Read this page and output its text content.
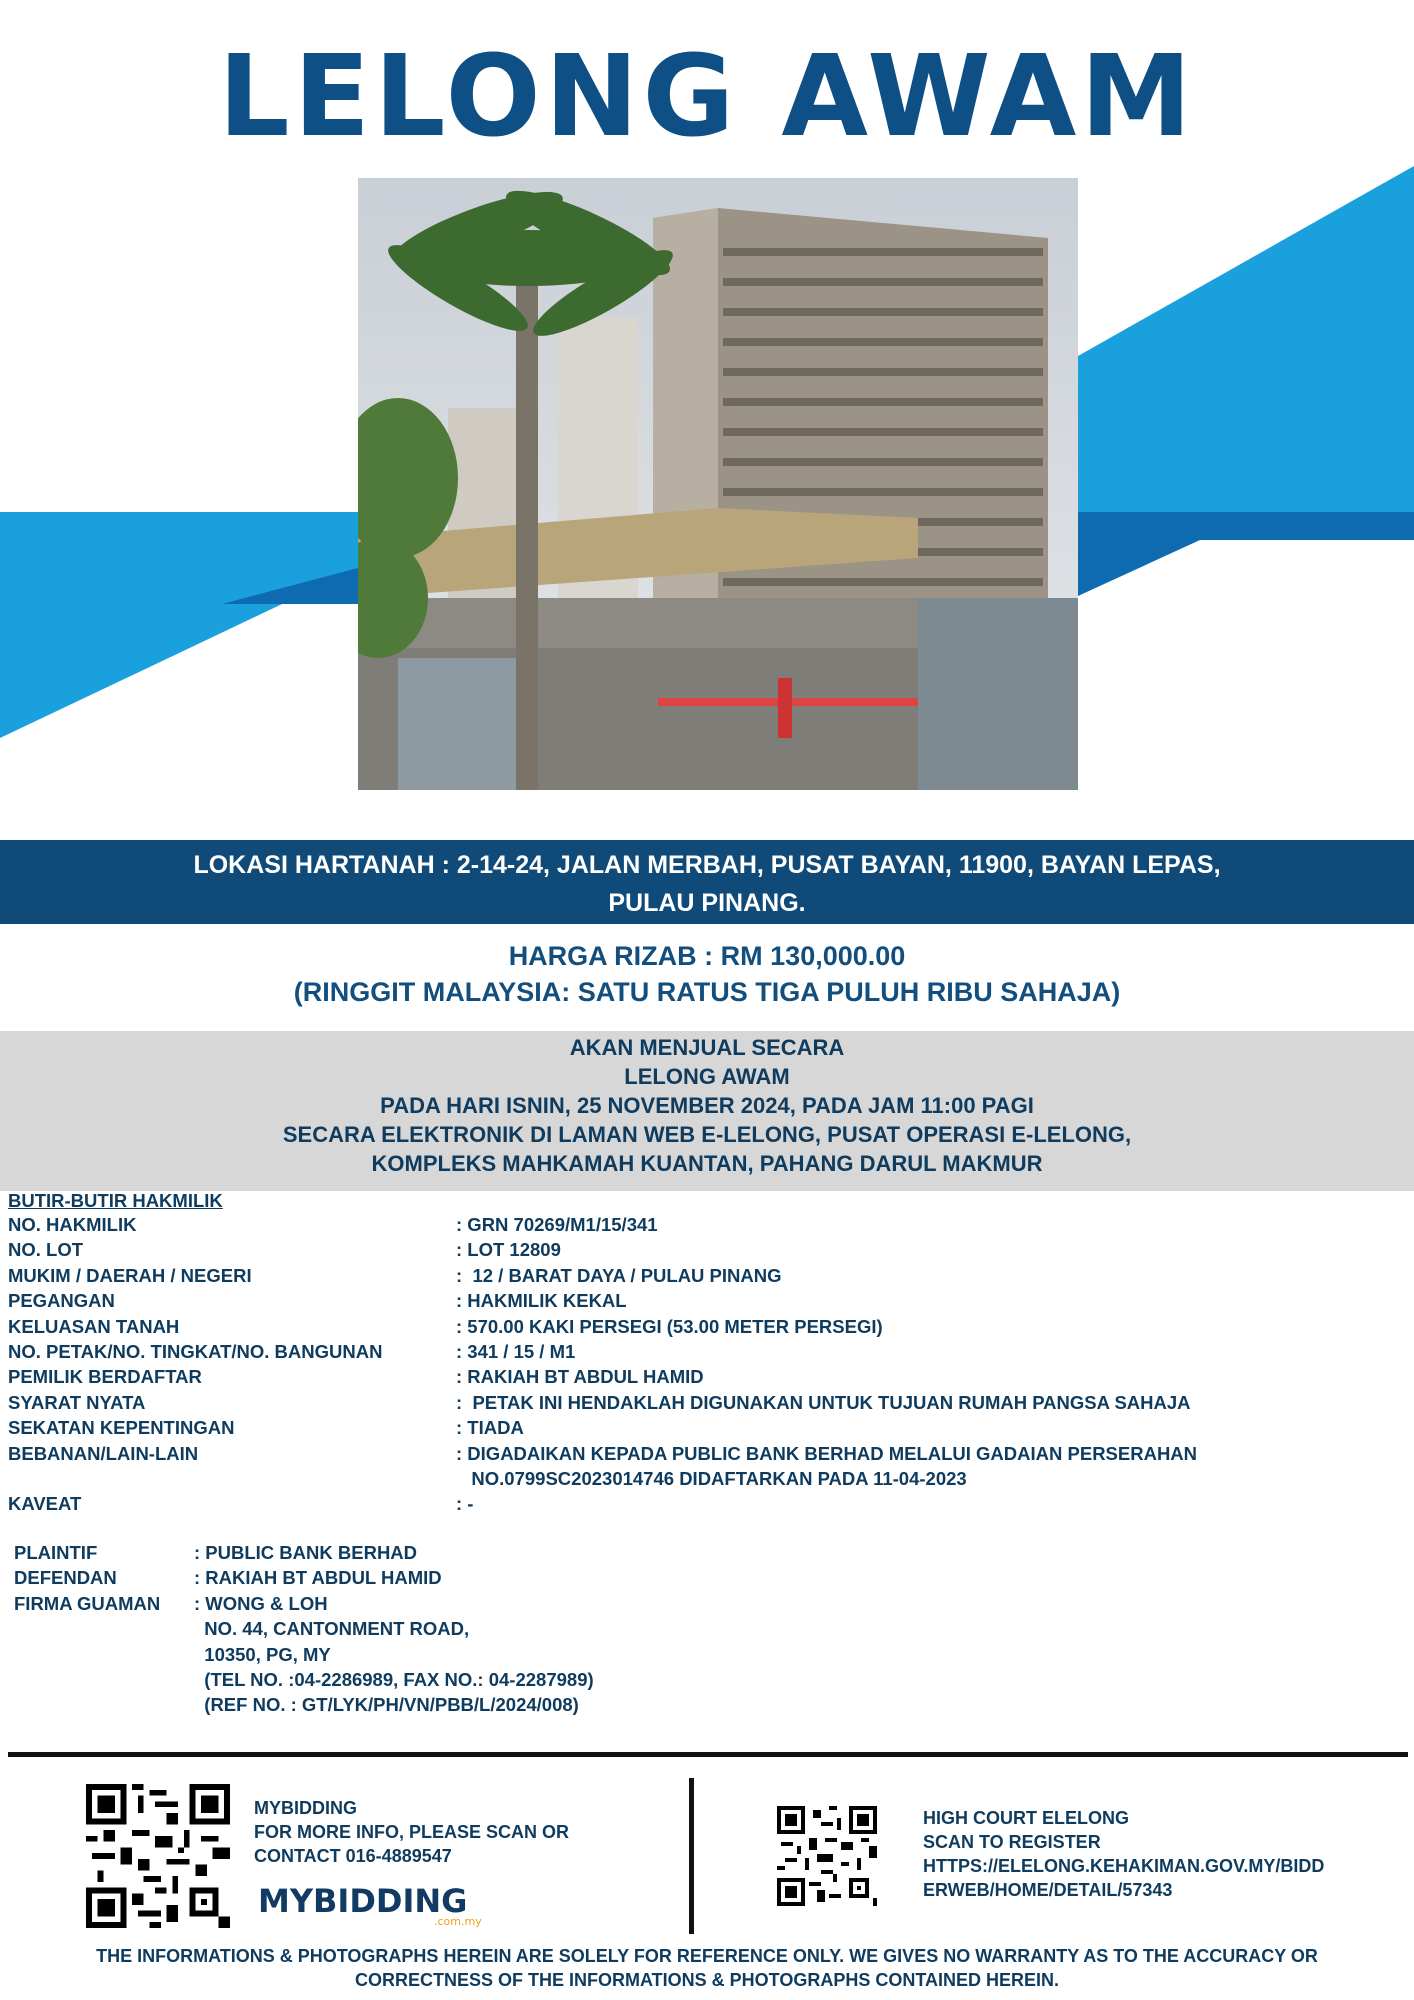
LELONG AWAM
LOKASI HARTANAH : 2-14-24, JALAN MERBAH, PUSAT BAYAN, 11900, BAYAN LEPAS,
PULAU PINANG.
HARGA RIZAB : RM 130,000.00
(RINGGIT MALAYSIA: SATU RATUS TIGA PULUH RIBU SAHAJA)
AKAN MENJUAL SECARA
LELONG AWAM
PADA HARI ISNIN, 25 NOVEMBER 2024, PADA JAM 11:00 PAGI
SECARA ELEKTRONIK DI LAMAN WEB E-LELONG, PUSAT OPERASI E-LELONG,
KOMPLEKS MAHKAMAH KUANTAN, PAHANG DARUL MAKMUR
BUTIR-BUTIR HAKMILIK
NO. HAKMILIK	: GRN 70269/M1/15/341
NO. LOT	: LOT 12809
MUKIM / DAERAH / NEGERI	:  12 / BARAT DAYA / PULAU PINANG
PEGANGAN	: HAKMILIK KEKAL
KELUASAN TANAH	: 570.00 KAKI PERSEGI (53.00 METER PERSEGI)
NO. PETAK/NO. TINGKAT/NO. BANGUNAN	: 341 / 15 / M1
PEMILIK BERDAFTAR	: RAKIAH BT ABDUL HAMID
SYARAT NYATA	:  PETAK INI HENDAKLAH DIGUNAKAN UNTUK TUJUAN RUMAH PANGSA SAHAJA
SEKATAN KEPENTINGAN	: TIADA
BEBANAN/LAIN-LAIN	: DIGADAIKAN KEPADA PUBLIC BANK BERHAD MELALUI GADAIAN PERSERAHAN
NO.0799SC2023014746 DIDAFTARKAN PADA 11-04-2023
KAVEAT	: -
PLAINTIF	: PUBLIC BANK BERHAD
DEFENDAN	: RAKIAH BT ABDUL HAMID
FIRMA GUAMAN	: WONG & LOH
NO. 44, CANTONMENT ROAD,
10350, PG, MY
(TEL NO. :04-2286989, FAX NO.: 04-2287989)
(REF NO. : GT/LYK/PH/VN/PBB/L/2024/008)
MYBIDDING
FOR MORE INFO, PLEASE SCAN OR
CONTACT 016-4889547
MYBIDDING
.com.my
HIGH COURT ELELONG
SCAN TO REGISTER
HTTPS://ELELONG.KEHAKIMAN.GOV.MY/BIDD
ERWEB/HOME/DETAIL/57343
THE INFORMATIONS & PHOTOGRAPHS HEREIN ARE SOLELY FOR REFERENCE ONLY. WE GIVES NO WARRANTY AS TO THE ACCURACY OR
CORRECTNESS OF THE INFORMATIONS & PHOTOGRAPHS CONTAINED HEREIN.
